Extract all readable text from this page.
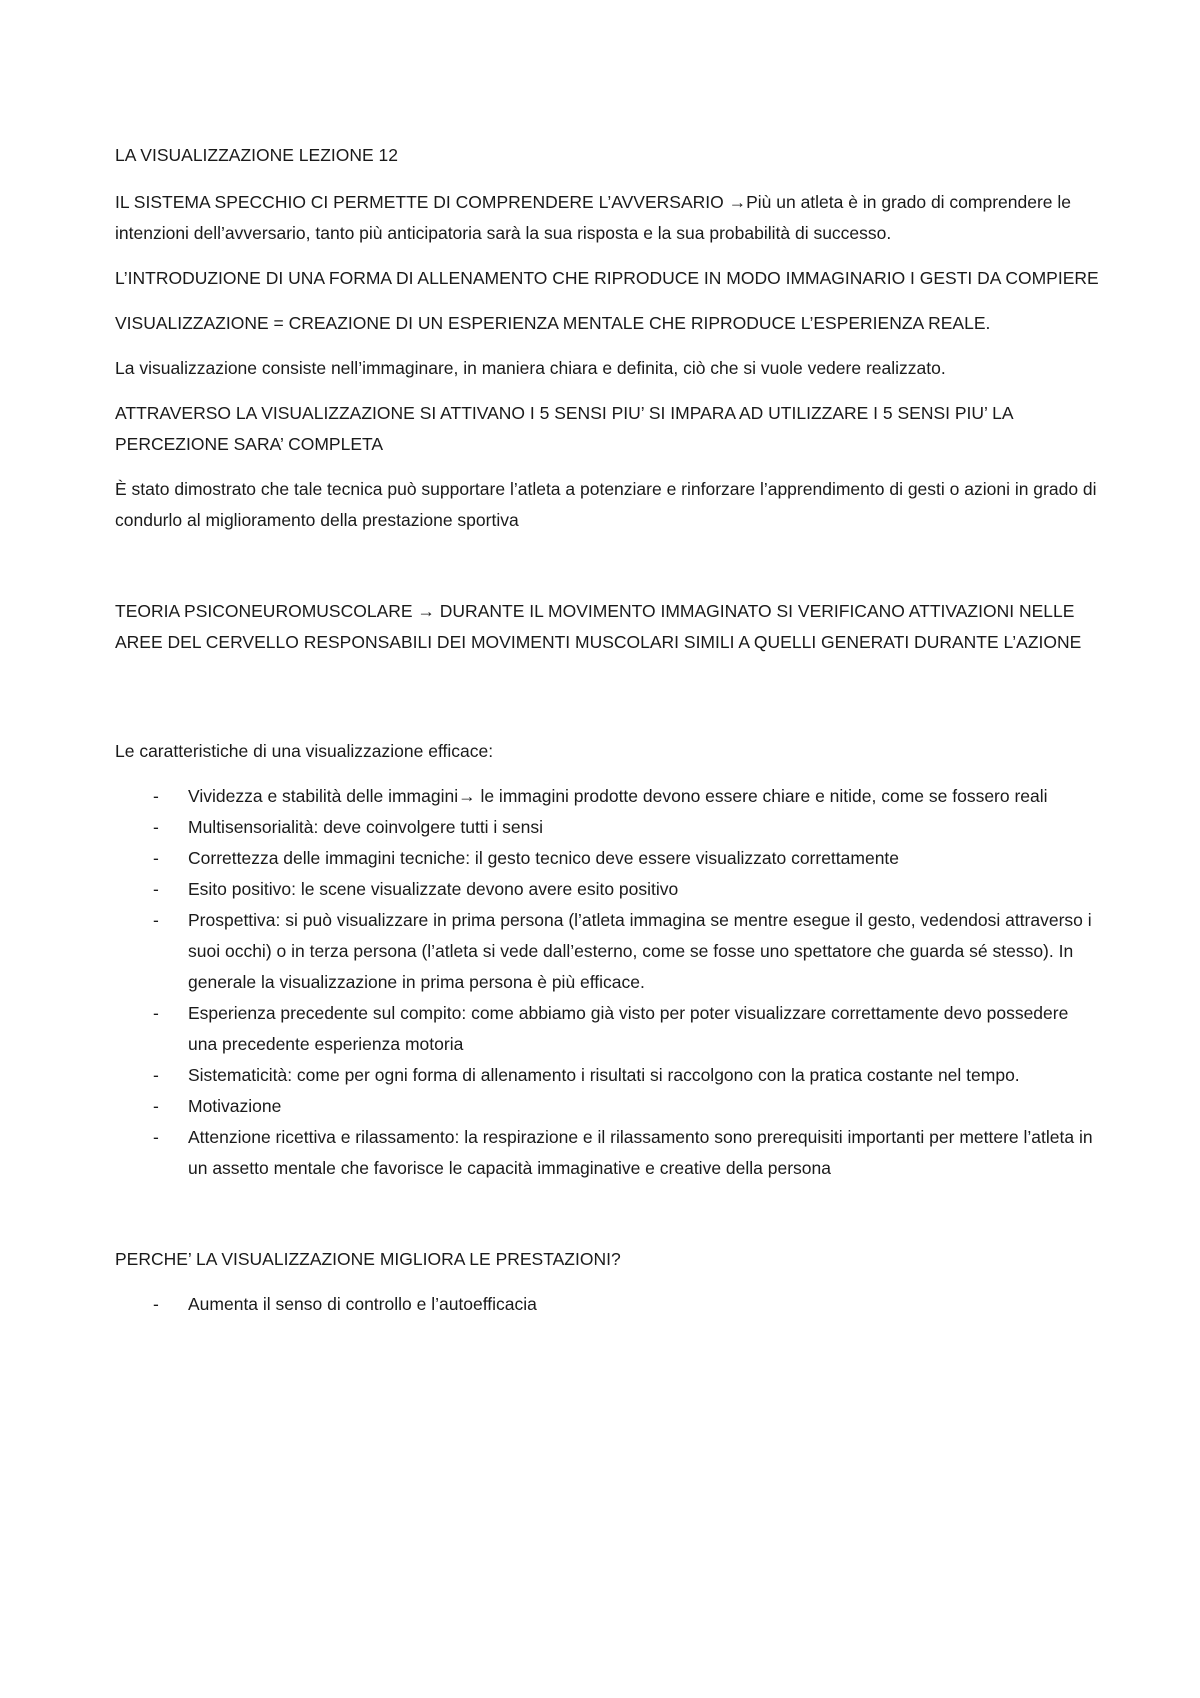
LA VISUALIZZAZIONE LEZIONE 12

IL SISTEMA SPECCHIO CI PERMETTE DI COMPRENDERE L’AVVERSARIO →Più un atleta è in grado di comprendere le intenzioni dell’avversario, tanto più anticipatoria sarà la sua risposta e la sua probabilità di successo.

L’INTRODUZIONE DI UNA FORMA DI ALLENAMENTO CHE RIPRODUCE IN MODO IMMAGINARIO I GESTI DA COMPIERE

VISUALIZZAZIONE = CREAZIONE DI UN ESPERIENZA MENTALE CHE RIPRODUCE L’ESPERIENZA REALE.

La visualizzazione consiste nell’immaginare, in maniera chiara e definita, ciò che si vuole vedere realizzato.

ATTRAVERSO LA VISUALIZZAZIONE SI ATTIVANO I 5 SENSI PIU’ SI IMPARA AD UTILIZZARE I 5 SENSI PIU’ LA PERCEZIONE SARA’ COMPLETA

È stato dimostrato che tale tecnica può supportare l’atleta a potenziare e rinforzare l’apprendimento di gesti o azioni in grado di condurlo al miglioramento della prestazione sportiva

TEORIA PSICONEUROMUSCOLARE → DURANTE IL MOVIMENTO IMMAGINATO SI VERIFICANO ATTIVAZIONI NELLE AREE DEL CERVELLO RESPONSABILI DEI MOVIMENTI MUSCOLARI SIMILI A QUELLI GENERATI DURANTE L’AZIONE

Le caratteristiche di una visualizzazione efficace:

- Vividezza e stabilità delle immagini→ le immagini prodotte devono essere chiare e nitide, come se fossero reali
- Multisensorialità: deve coinvolgere tutti i sensi
- Correttezza delle immagini tecniche: il gesto tecnico deve essere visualizzato correttamente
- Esito positivo: le scene visualizzate devono avere esito positivo
- Prospettiva: si può visualizzare in prima persona (l’atleta immagina se mentre esegue il gesto, vedendosi attraverso i suoi occhi) o in terza persona (l’atleta si vede dall’esterno, come se fosse uno spettatore che guarda sé stesso). In generale la visualizzazione in prima persona è più efficace.
- Esperienza precedente sul compito: come abbiamo già visto per poter visualizzare correttamente devo possedere una precedente esperienza motoria
- Sistematicità: come per ogni forma di allenamento i risultati si raccolgono con la pratica costante nel tempo.
- Motivazione
- Attenzione ricettiva e rilassamento: la respirazione e il rilassamento sono prerequisiti importanti per mettere l’atleta in un assetto mentale che favorisce le capacità immaginative e creative della persona

PERCHE’ LA VISUALIZZAZIONE MIGLIORA LE PRESTAZIONI?

- Aumenta il senso di controllo e l’autoefficacia
